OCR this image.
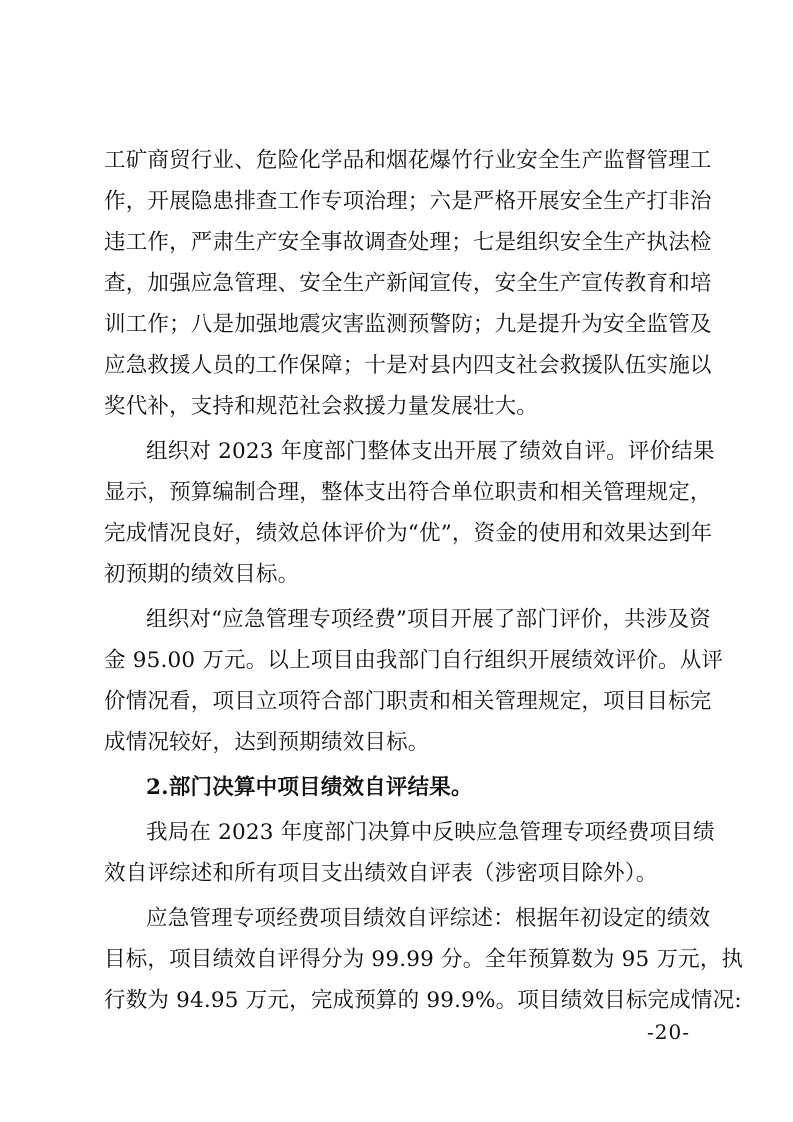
工矿商贸行业、危险化学品和烟花爆竹行业安全生产监督管理工
作，开展隐患排查工作专项治理；六是严格开展安全生产打非治
违工作，严肃生产安全事故调查处理；七是组织安全生产执法检
查，加强应急管理、安全生产新闻宣传，安全生产宣传教育和培
训工作；八是加强地震灾害监测预警防；九是提升为安全监管及
应急救援人员的工作保障；十是对县内四支社会救援队伍实施以
奖代补，支持和规范社会救援力量发展壮大。
组织对 2023 年度部门整体支出开展了绩效自评。评价结果
显示，预算编制合理，整体支出符合单位职责和相关管理规定，
完成情况良好，绩效总体评价为“优”，资金的使用和效果达到年
初预期的绩效目标。
组织对“应急管理专项经费”项目开展了部门评价，共涉及资
金 95.00 万元。以上项目由我部门自行组织开展绩效评价。从评
价情况看，项目立项符合部门职责和相关管理规定，项目目标完
成情况较好，达到预期绩效目标。
2.部门决算中项目绩效自评结果。
我局在 2023 年度部门决算中反映应急管理专项经费项目绩
效自评综述和所有项目支出绩效自评表（涉密项目除外）。
应急管理专项经费项目绩效自评综述：根据年初设定的绩效
目标，项目绩效自评得分为 99.99 分。全年预算数为 95 万元，执
行数为 94.95 万元，完成预算的 99.9%。项目绩效目标完成情况:
-20-
